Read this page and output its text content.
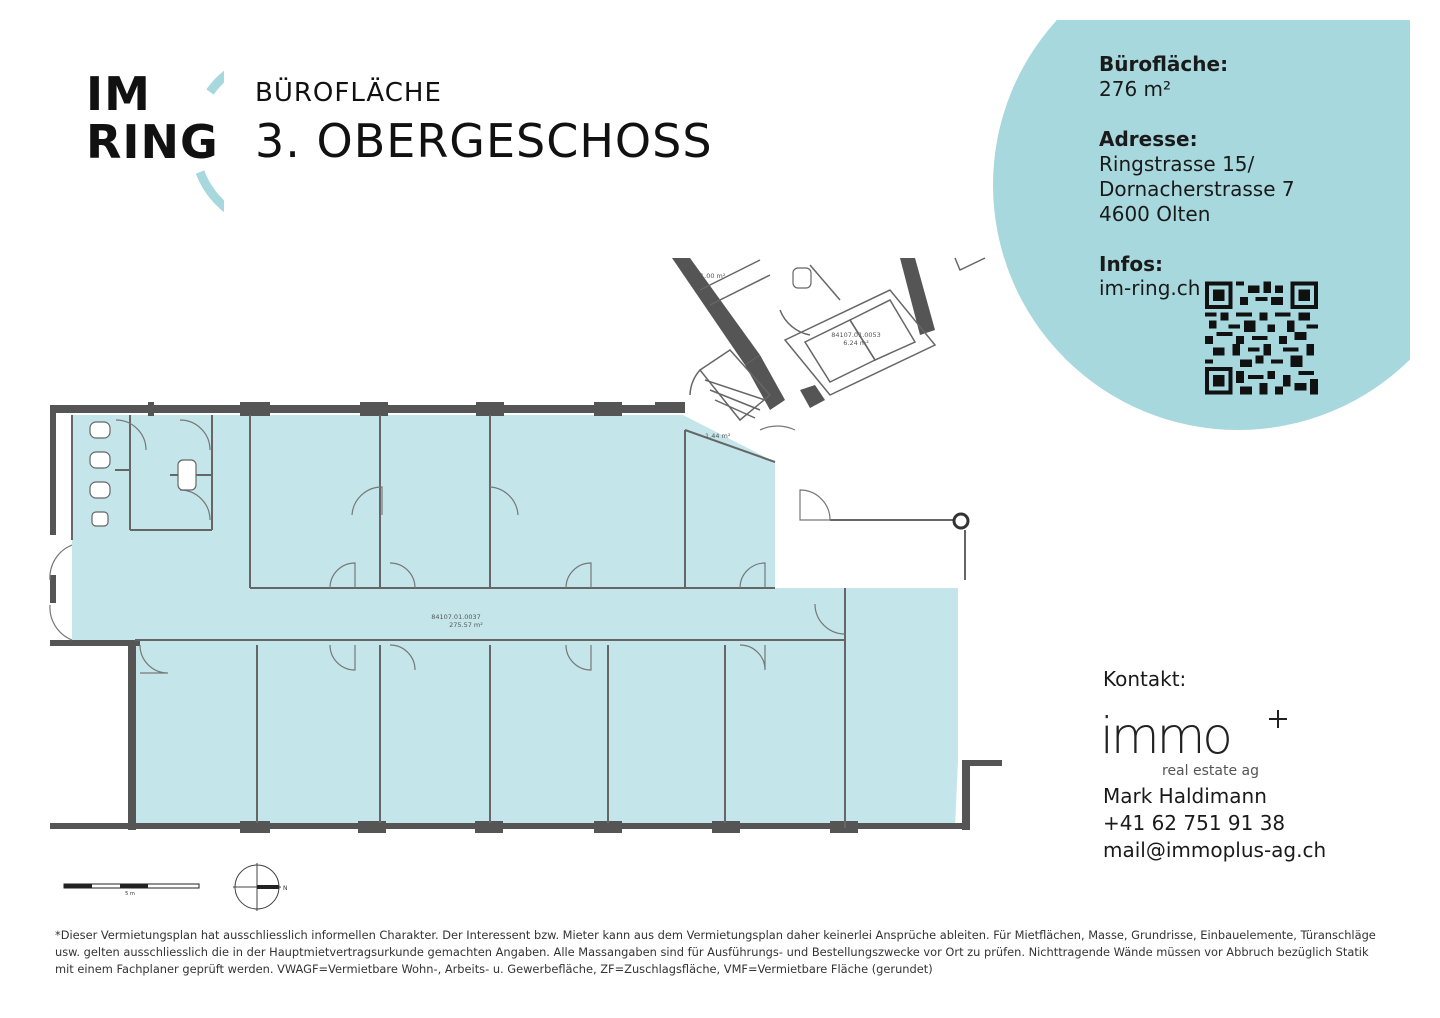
IM
RING
BÜROFLÄCHE
3. OBERGESCHOSS
Bürofläche:
276 m²
Adresse:
Ringstrasse 15/
Dornacherstrasse 7
4600 Olten
Infos:
im-ring.ch
84107.01.0037
275.57 m²
84107.01.0053
6.24 m²
1.00 m²
1.44 m²
Kontakt:
immo
real estate ag
Mark Haldimann
+41 62 751 91 38
mail@immoplus-ag.ch
5 m
N
*Dieser Vermietungsplan hat ausschliesslich informellen Charakter. Der Interessent bzw. Mieter kann aus dem Vermietungsplan daher keinerlei Ansprüche ableiten. Für Mietflächen, Masse, Grundrisse, Einbauelemente, Türanschläge usw. gelten ausschliesslich die in der Hauptmietvertragsurkunde gemachten Angaben. Alle Massangaben sind für Ausführungs- und Bestellungszwecke vor Ort zu prüfen. Nichttragende Wände müssen vor Abbruch bezüglich Statik mit einem Fachplaner geprüft werden. VWAGF=Vermietbare Wohn-, Arbeits- u. Gewerbefläche, ZF=Zuschlagsfläche, VMF=Vermietbare Fläche (gerundet)
